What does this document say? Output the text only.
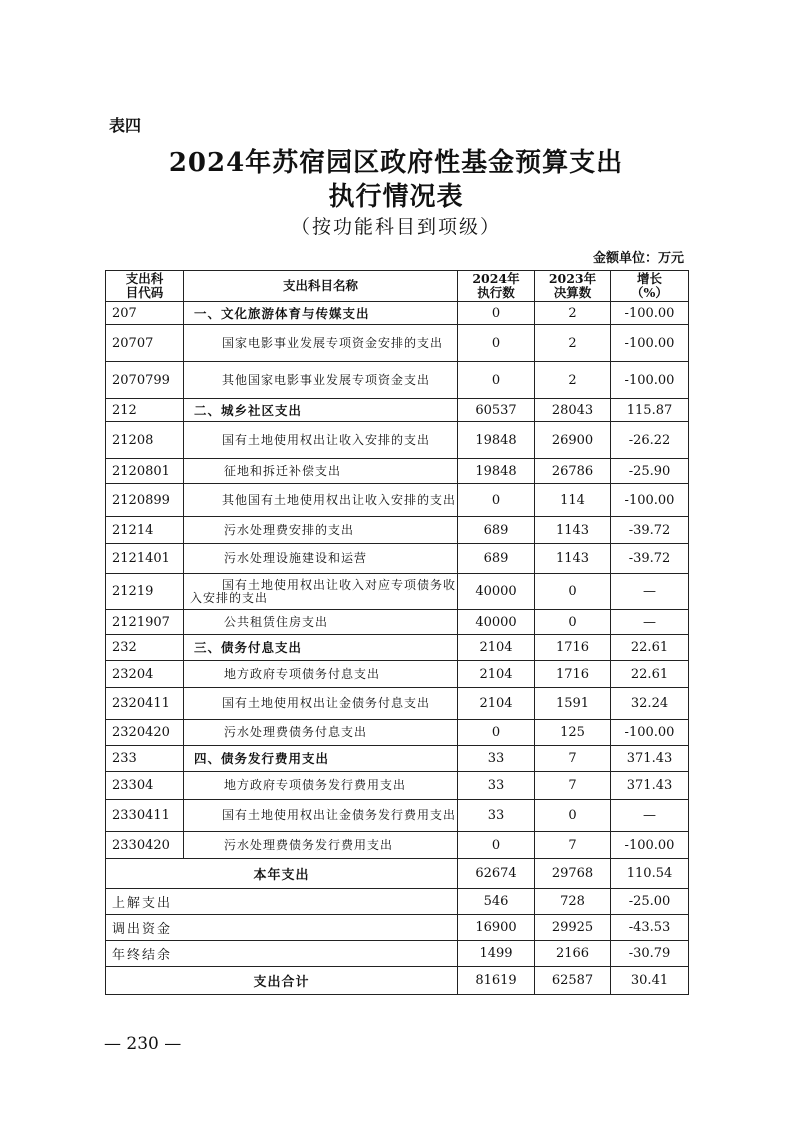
表四
2024年苏宿园区政府性基金预算支出
执行情况表
（按功能科目到项级）
金额单位：万元
支出科目代码	支出科目名称	2024年执行数	2023年决算数	增长（%）
207	一、文化旅游体育与传媒支出	0	2	-100.00
20707	国家电影事业发展专项资金安排的支出	0	2	-100.00
2070799	其他国家电影事业发展专项资金支出	0	2	-100.00
212	二、城乡社区支出	60537	28043	115.87
21208	国有土地使用权出让收入安排的支出	19848	26900	-26.22
2120801	征地和拆迁补偿支出	19848	26786	-25.90
2120899	其他国有土地使用权出让收入安排的支出	0	114	-100.00
21214	污水处理费安排的支出	689	1143	-39.72
2121401	污水处理设施建设和运营	689	1143	-39.72
21219	国有土地使用权出让收入对应专项债务收入安排的支出	40000	0	—
2121907	公共租赁住房支出	40000	0	—
232	三、债务付息支出	2104	1716	22.61
23204	地方政府专项债务付息支出	2104	1716	22.61
2320411	国有土地使用权出让金债务付息支出	2104	1591	32.24
2320420	污水处理费债务付息支出	0	125	-100.00
233	四、债务发行费用支出	33	7	371.43
23304	地方政府专项债务发行费用支出	33	7	371.43
2330411	国有土地使用权出让金债务发行费用支出	33	0	—
2330420	污水处理费债务发行费用支出	0	7	-100.00
本年支出		62674	29768	110.54
上解支出		546	728	-25.00
调出资金		16900	29925	-43.53
年终结余		1499	2166	-30.79
支出合计		81619	62587	30.41
— 230 —
